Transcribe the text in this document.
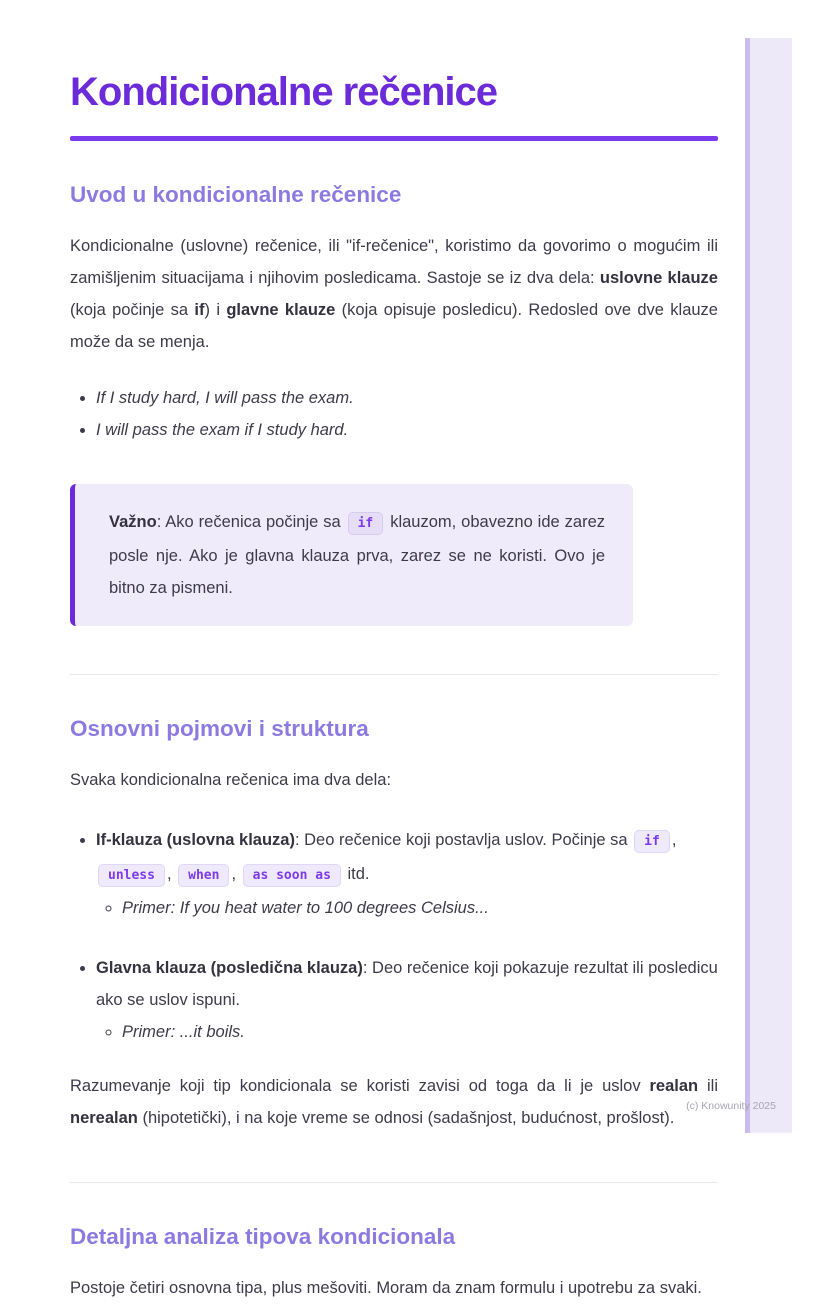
Kondicionalne rečenice
Uvod u kondicionalne rečenice

Kondicionalne (uslovne) rečenice, ili "if-rečenice", koristimo da govorimo o mogućim ili zamišljenim situacijama i njihovim posledicama. Sastoje se iz dva dela: uslovne klauze (koja počinje sa if) i glavne klauze (koja opisuje posledicu). Redosled ove dve klauze može da se menja.

• If I study hard, I will pass the exam.
• I will pass the exam if I study hard.
Važno: Ako rečenica počinje sa if klauzom, obavezno ide zarez posle nje. Ako je glavna klauza prva, zarez se ne koristi. Ovo je bitno za pismeni.
Osnovni pojmovi i struktura

Svaka kondicionalna rečenica ima dva dela:

• If-klauza (uslovna klauza): Deo rečenice koji postavlja uslov. Počinje sa if , unless , when , as soon as itd.
◦ Primer: If you heat water to 100 degrees Celsius...
• Glavna klauza (posledična klauza): Deo rečenice koji pokazuje rezultat ili posledicu ako se uslov ispuni.
◦ Primer: ...it boils.

Razumevanje koji tip kondicionala se koristi zavisi od toga da li je uslov realan ili nerealan (hipotetički), i na koje vreme se odnosi (sadašnjost, budućnost, prošlost).

Detaljna analiza tipova kondicionala

Postoje četiri osnovna tipa, plus mešoviti. Moram da znam formulu i upotrebu za svaki.

(c) Knowunity 2025
